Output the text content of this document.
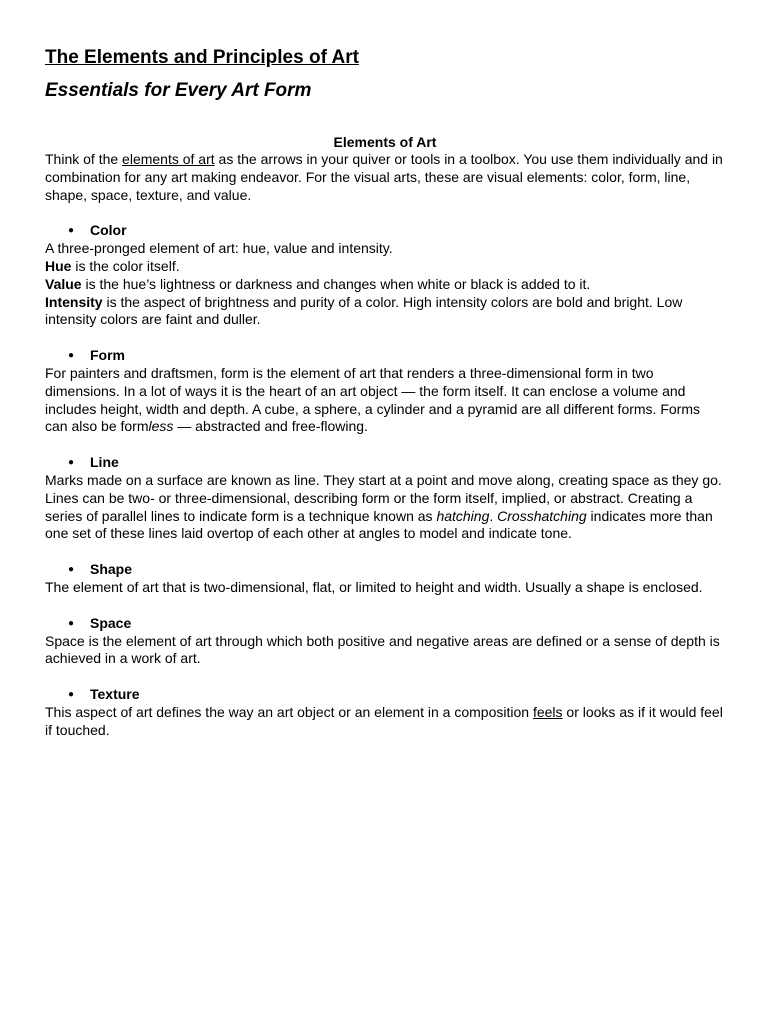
The Elements and Principles of Art
Essentials for Every Art Form
Elements of Art

Think of the elements of art as the arrows in your quiver or tools in a toolbox. You use them individually and in combination for any art making endeavor. For the visual arts, these are visual elements: color, form, line, shape, space, texture, and value.

● Color

A three-pronged element of art: hue, value and intensity.

Hue is the color itself.

Value is the hue’s lightness or darkness and changes when white or black is added to it.

Intensity is the aspect of brightness and purity of a color. High intensity colors are bold and bright. Low intensity colors are faint and duller.

● Form

For painters and draftsmen, form is the element of art that renders a three-dimensional form in two dimensions. In a lot of ways it is the heart of an art object — the form itself. It can enclose a volume and includes height, width and depth. A cube, a sphere, a cylinder and a pyramid are all different forms. Forms can also be formless — abstracted and free-flowing.

● Line

Marks made on a surface are known as line. They start at a point and move along, creating space as they go. Lines can be two- or three-dimensional, describing form or the form itself, implied, or abstract. Creating a series of parallel lines to indicate form is a technique known as hatching. Crosshatching indicates more than one set of these lines laid overtop of each other at angles to model and indicate tone.

● Shape

The element of art that is two-dimensional, flat, or limited to height and width. Usually a shape is enclosed.

● Space

Space is the element of art through which both positive and negative areas are defined or a sense of depth is achieved in a work of art.

● Texture

This aspect of art defines the way an art object or an element in a composition feels or looks as if it would feel if touched.
